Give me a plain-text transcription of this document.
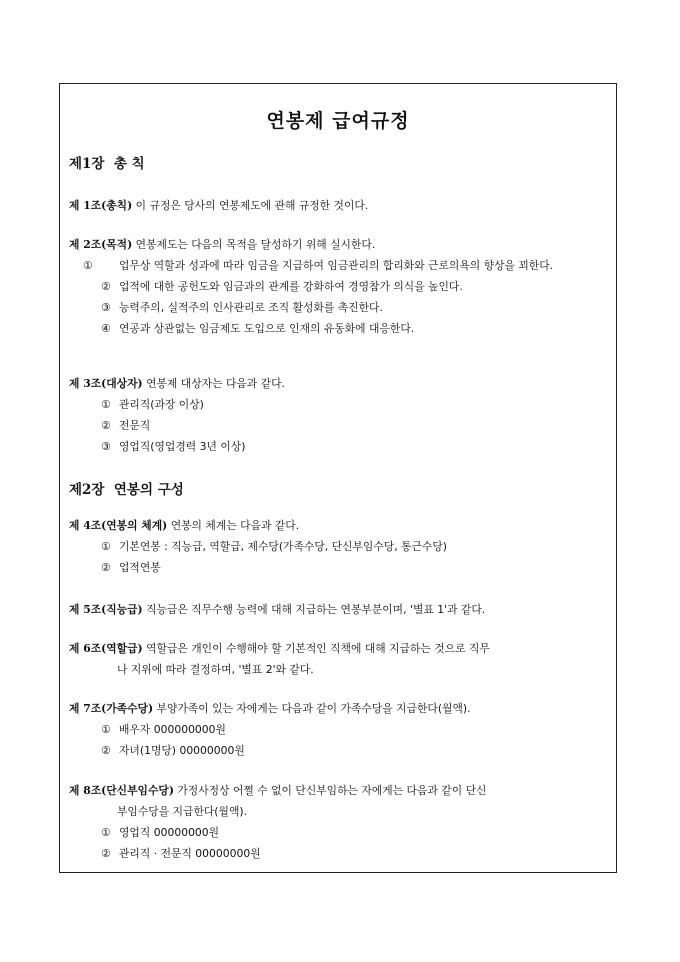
연봉제 급여규정
제1장  총 칙
제 1조(총칙) 이 규정은 당사의 연봉제도에 관해 규정한 것이다.
제 2조(목적) 연봉제도는 다음의 목적을 달성하기 위해 실시한다.
① 업무상 역할과 성과에 따라 임금을 지급하여 임금관리의 합리화와 근로의욕의 향상을 꾀한다.
② 업적에 대한 공헌도와 임금과의 관계를 강화하여 경영참가 의식을 높인다.
③ 능력주의, 실적주의 인사관리로 조직 활성화를 촉진한다.
④ 연공과 상관없는 임금제도 도입으로 인재의 유동화에 대응한다.
제 3조(대상자) 연봉제 대상자는 다음과 같다.
① 관리직(과장 이상)
② 전문직
③ 영업직(영업경력 3년 이상)
제2장  연봉의 구성
제 4조(연봉의 체계) 연봉의 체계는 다음과 같다.
① 기본연봉 : 직능급, 역할급, 제수당(가족수당, 단신부임수당, 통근수당)
② 업적연봉
제 5조(직능급) 직능급은 직무수행 능력에 대해 지급하는 연봉부분이며, '별표 1'과 같다.
제 6조(역할급) 역할급은 개인이 수행해야 할 기본적인 직책에 대해 지급하는 것으로 직무
나 지위에 따라 결정하며, '별표 2'와 같다.
제 7조(가족수당) 부양가족이 있는 자에게는 다음과 같이 가족수당을 지급한다(월액).
① 배우자 000000000원
② 자녀(1명당) 00000000원
제 8조(단신부임수당) 가정사정상 어쩔 수 없이 단신부임하는 자에게는 다음과 같이 단신
부임수당을 지급한다(월액).
① 영업직 00000000원
② 관리직 · 전문직 00000000원
